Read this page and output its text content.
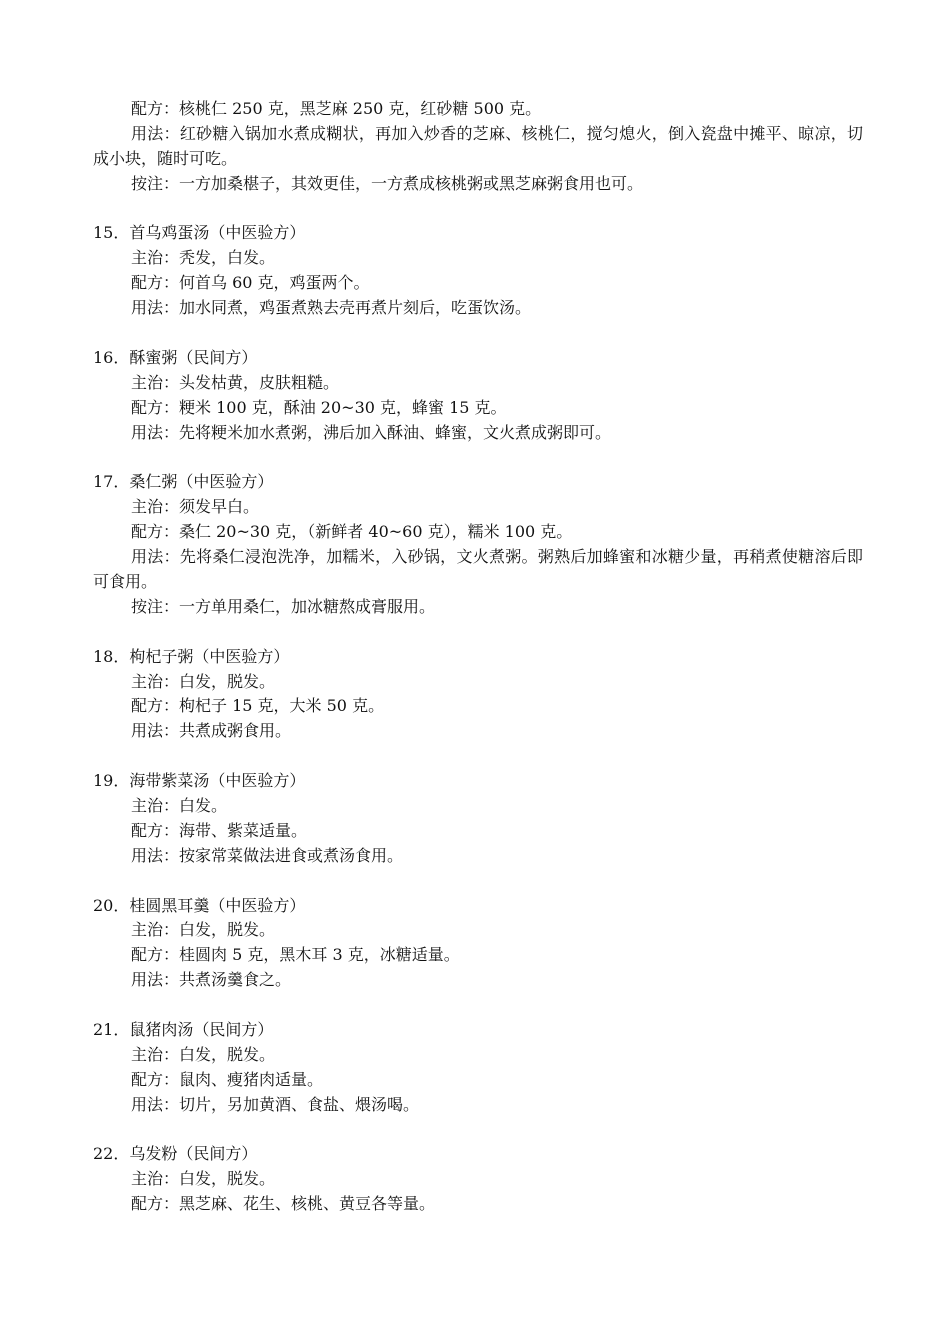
配方：核桃仁 250 克，黑芝麻 250 克，红砂糖 500 克。
用法：红砂糖入锅加水煮成糊状，再加入炒香的芝麻、核桃仁，搅匀熄火，倒入瓷盘中摊平、晾凉，切成小块，随时可吃。
按注：一方加桑椹子，其效更佳，一方煮成核桃粥或黑芝麻粥食用也可。
15．首乌鸡蛋汤（中医验方）
主治：秃发，白发。
配方：何首乌 60 克，鸡蛋两个。
用法：加水同煮，鸡蛋煮熟去壳再煮片刻后，吃蛋饮汤。
16．酥蜜粥（民间方）
主治：头发枯黄，皮肤粗糙。
配方：粳米 100 克，酥油 20~30 克，蜂蜜 15 克。
用法：先将粳米加水煮粥，沸后加入酥油、蜂蜜，文火煮成粥即可。
17．桑仁粥（中医验方）
主治：须发早白。
配方：桑仁 20~30 克，（新鲜者 40~60 克），糯米 100 克。
用法：先将桑仁浸泡洗净，加糯米，入砂锅，文火煮粥。粥熟后加蜂蜜和冰糖少量，再稍煮使糖溶后即可食用。
按注：一方单用桑仁，加冰糖熬成膏服用。
18．枸杞子粥（中医验方）
主治：白发，脱发。
配方：枸杞子 15 克，大米 50 克。
用法：共煮成粥食用。
19．海带紫菜汤（中医验方）
主治：白发。
配方：海带、紫菜适量。
用法：按家常菜做法进食或煮汤食用。
20．桂圆黑耳羹（中医验方）
主治：白发，脱发。
配方：桂圆肉 5 克，黑木耳 3 克，冰糖适量。
用法：共煮汤羹食之。
21．鼠猪肉汤（民间方）
主治：白发，脱发。
配方：鼠肉、瘦猪肉适量。
用法：切片，另加黄酒、食盐、煨汤喝。
22．乌发粉（民间方）
主治：白发，脱发。
配方：黑芝麻、花生、核桃、黄豆各等量。
